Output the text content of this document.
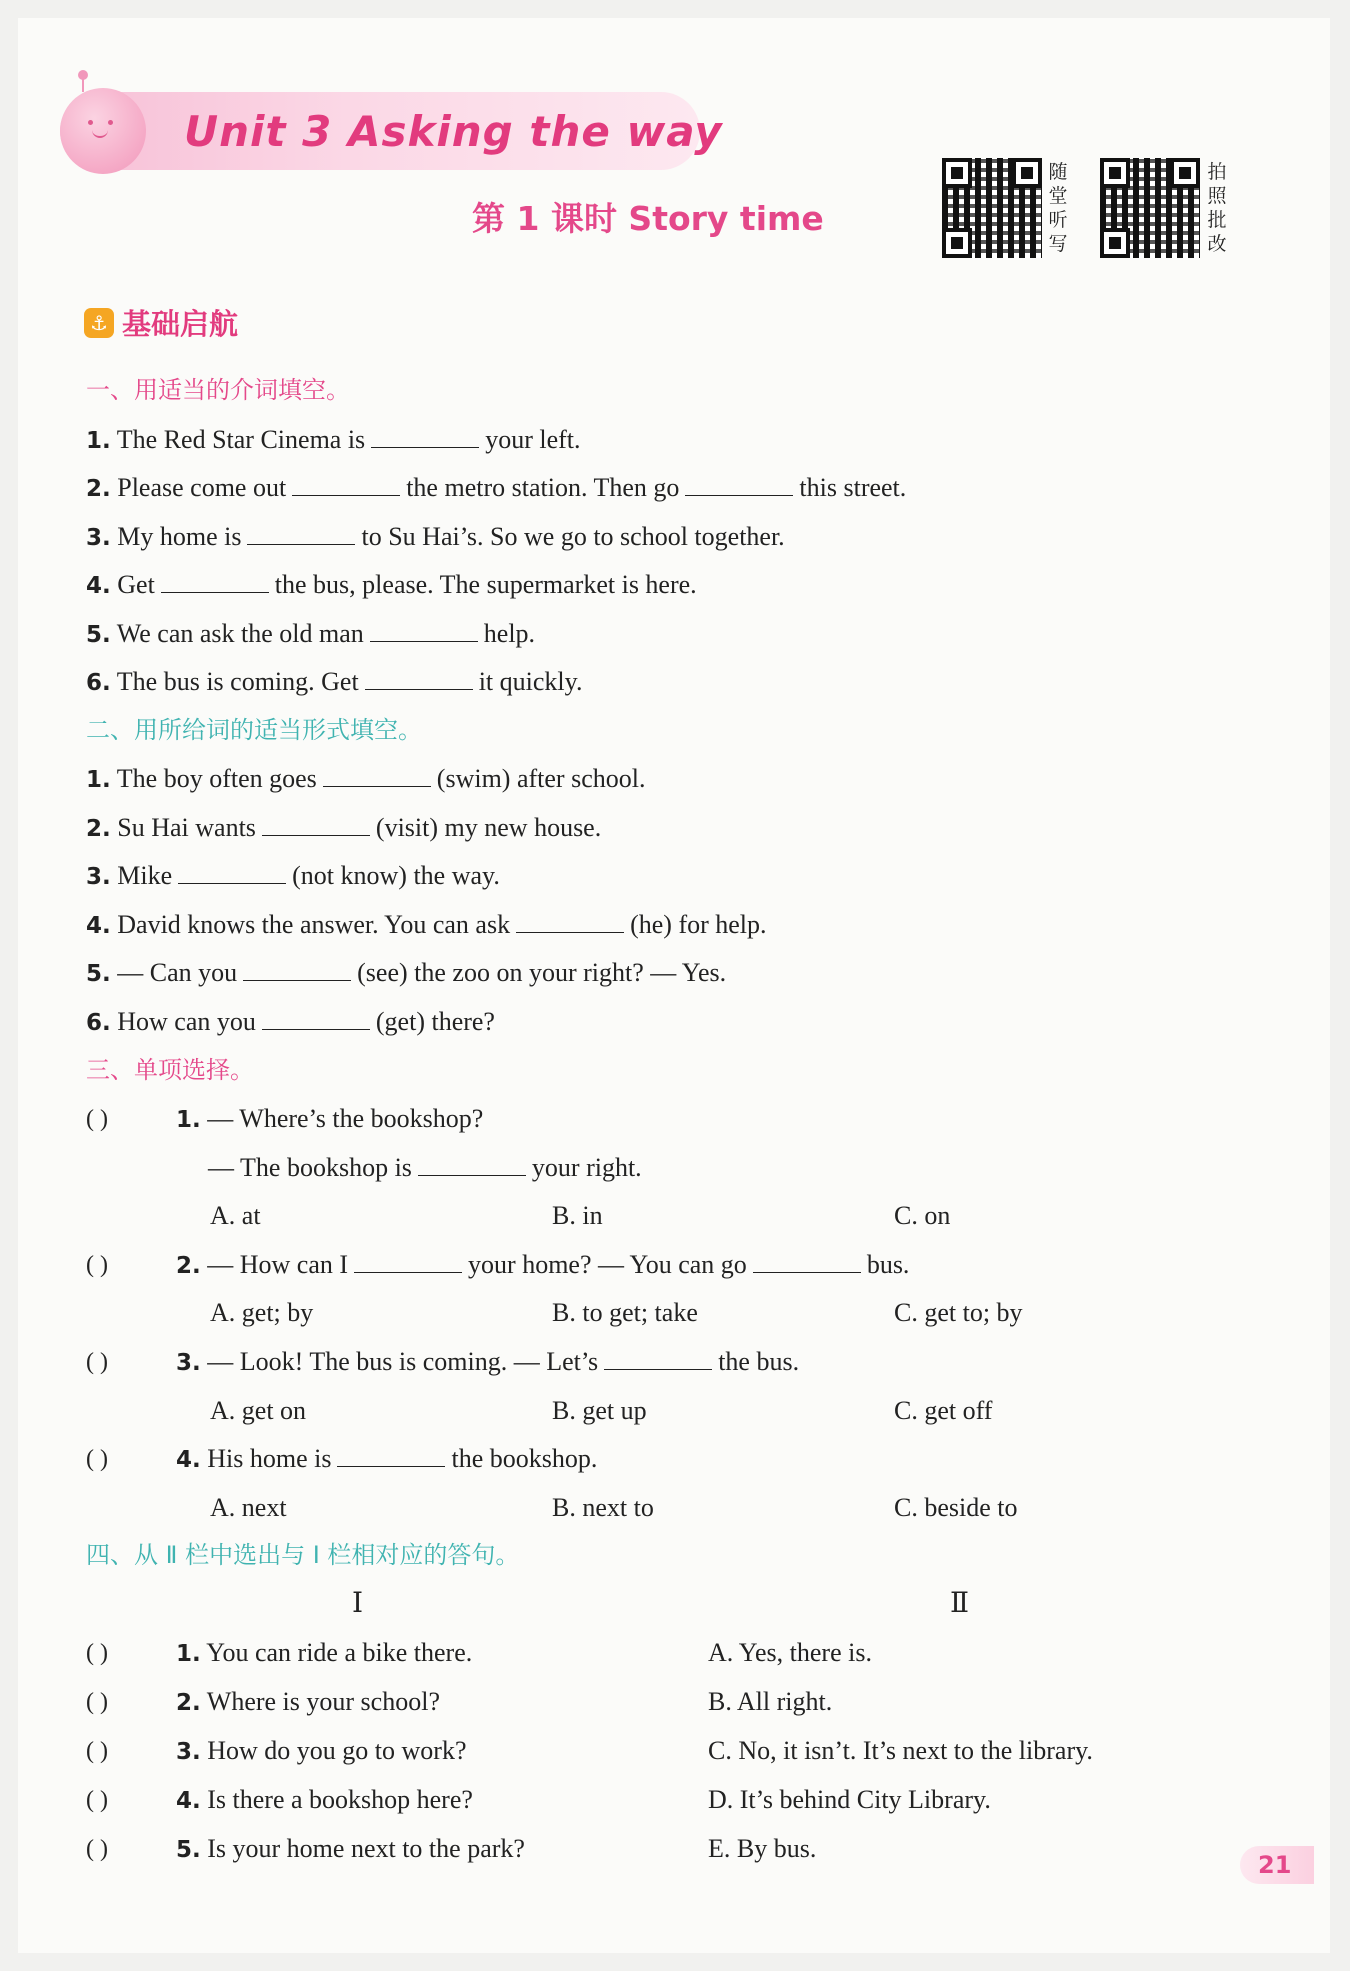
Unit 3 Asking the way
第 1 课时 Story time
随
堂
听
写
拍
照
批
改
⚓ 基础启航
一、用适当的介词填空。
1. The Red Star Cinema is	your left.
2. Please come out	the metro station. Then go	this street.
3. My home is	to Su Hai’s. So we go to school together.
4. Get	the bus, please. The supermarket is here.
5. We can ask the old man	help.
6. The bus is coming. Get	it quickly.
二、用所给词的适当形式填空。
1. The boy often goes	(swim) after school.
2. Su Hai wants	(visit) my new house.
3. Mike	(not know) the way.
4. David knows the answer. You can ask	(he) for help.
5. — Can you	(see) the zoo on your right? — Yes.
6. How can you	(get) there?
三、单项选择。
( )	1. — Where’s the bookshop?
— The bookshop is	your right.
A. at	B. in	C. on
( )	2. — How can I	your home? — You can go	bus.
A. get; by	B. to get; take	C. get to; by
( )	3. — Look! The bus is coming. — Let’s	the bus.
A. get on	B. get up	C. get off
( )	4. His home is	the bookshop.
A. next	B. next to	C. beside to
四、从 Ⅱ 栏中选出与 Ⅰ 栏相对应的答句。
Ⅰ	Ⅱ
( )	1. You can ride a bike there.	A. Yes, there is.
( )	2. Where is your school?	B. All right.
( )	3. How do you go to work?	C. No, it isn’t. It’s next to the library.
( )	4. Is there a bookshop here?	D. It’s behind City Library.
( )	5. Is your home next to the park?	E. By bus.
21
